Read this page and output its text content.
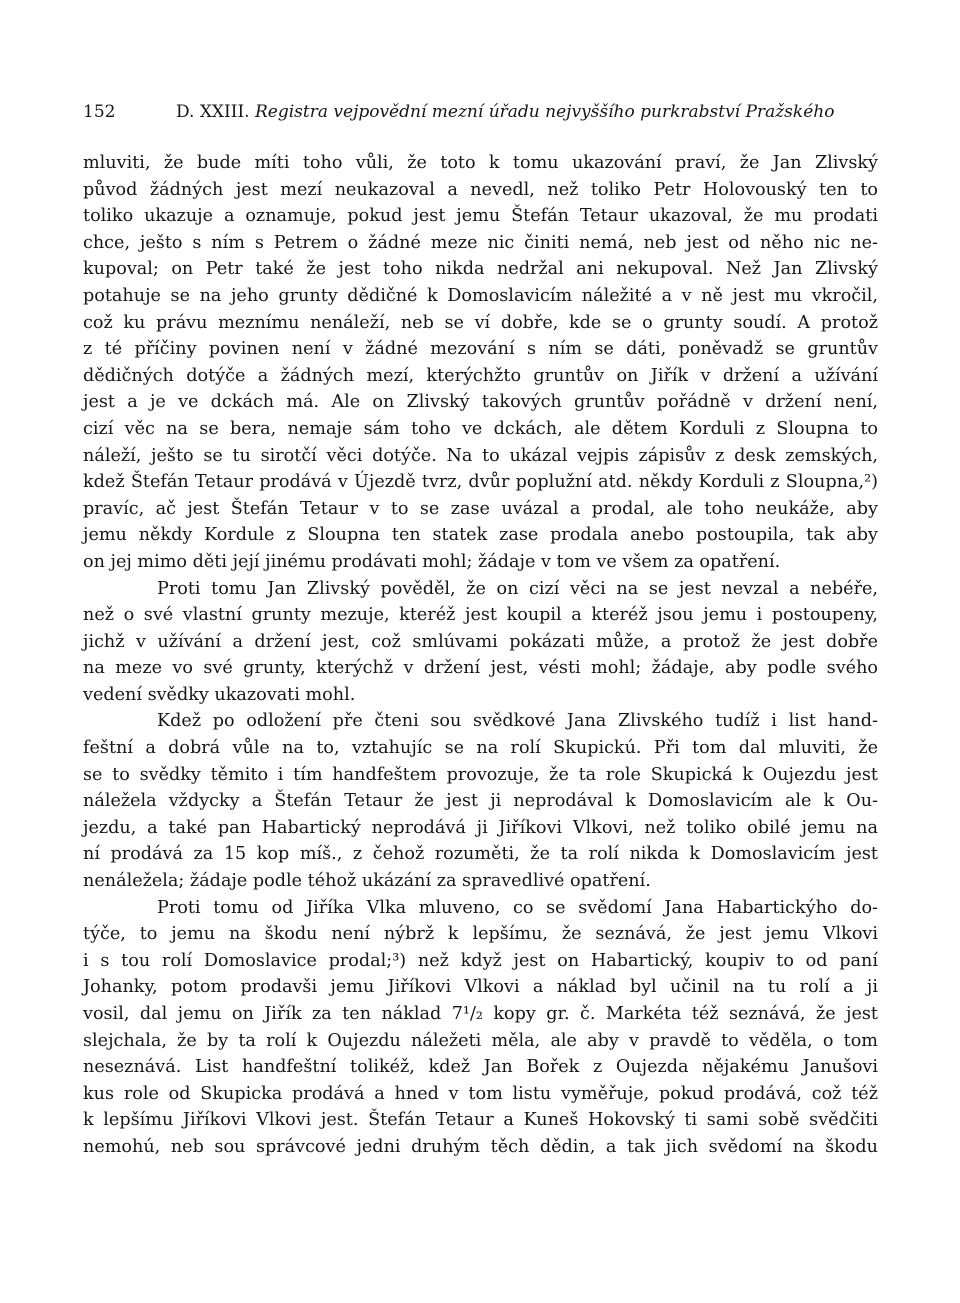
152	D. XXIII. Registra vejpovědní mezní úřadu nejvyššího purkrabství Pražského
mluviti, že bude míti toho vůli, že toto k tomu ukazování praví, že Jan Zlivský
původ žádných jest mezí neukazoval a nevedl, než toliko Petr Holovouský ten to
toliko ukazuje a oznamuje, pokud jest jemu Štefán Tetaur ukazoval, že mu prodati
chce, ješto s ním s Petrem o žádné meze nic činiti nemá, neb jest od něho nic ne-
kupoval; on Petr také že jest toho nikda nedržal ani nekupoval. Než Jan Zlivský
potahuje se na jeho grunty dědičné k Domoslavicím náležité a v ně jest mu vkročil,
což ku právu meznímu nenáleží, neb se ví dobře, kde se o grunty soudí. A protož
z té příčiny povinen není v žádné mezování s ním se dáti, poněvadž se gruntův
dědičných dotýče a žádných mezí, kterýchžto gruntův on Jiřík v držení a užívání
jest a je ve dckách má. Ale on Zlivský takových gruntův pořádně v držení není,
cizí věc na se bera, nemaje sám toho ve dckách, ale dětem Korduli z Sloupna to
náleží, ješto se tu sirotčí věci dotýče. Na to ukázal vejpis zápisův z desk zemských,
kdež Štefán Tetaur prodává v Újezdě tvrz, dvůr poplužní atd. někdy Korduli z Sloupna,²)
pravíc, ač jest Štefán Tetaur v to se zase uvázal a prodal, ale toho neukáže, aby
jemu někdy Kordule z Sloupna ten statek zase prodala anebo postoupila, tak aby
on jej mimo děti její jinému prodávati mohl; žádaje v tom ve všem za opatření.
Proti tomu Jan Zlivský pověděl, že on cizí věci na se jest nevzal a nebéře,
než o své vlastní grunty mezuje, kteréž jest koupil a kteréž jsou jemu i postoupeny,
jichž v užívání a držení jest, což smlúvami pokázati může, a protož že jest dobře
na meze vo své grunty, kterýchž v držení jest, vésti mohl; žádaje, aby podle svého
vedení svědky ukazovati mohl.
Kdež po odložení pře čteni sou svědkové Jana Zlivského tudíž i list hand-
feštní a dobrá vůle na to, vztahujíc se na rolí Skupickú. Při tom dal mluviti, že
se to svědky těmito i tím handfeštem provozuje, že ta role Skupická k Oujezdu jest
náležela vždycky a Štefán Tetaur že jest ji neprodával k Domoslavicím ale k Ou-
jezdu, a také pan Habartický neprodává ji Jiříkovi Vlkovi, než toliko obilé jemu na
ní prodává za 15 kop míš., z čehož rozuměti, že ta rolí nikda k Domoslavicím jest
nenáležela; žádaje podle téhož ukázání za spravedlivé opatření.
Proti tomu od Jiříka Vlka mluveno, co se svědomí Jana Habartickýho do-
týče, to jemu na škodu není nýbrž k lepšímu, že seznává, že jest jemu Vlkovi
i s tou rolí Domoslavice prodal;³) než když jest on Habartický, koupiv to od paní
Johanky, potom prodavši jemu Jiříkovi Vlkovi a náklad byl učinil na tu rolí a ji
vosil, dal jemu on Jiřík za ten náklad 7¹/₂ kopy gr. č. Markéta též seznává, že jest
slejchala, že by ta rolí k Oujezdu náležeti měla, ale aby v pravdě to věděla, o tom
neseznává. List handfeštní tolikéž, kdež Jan Bořek z Oujezda nějakému Janušovi
kus role od Skupicka prodává a hned v tom listu vyměřuje, pokud prodává, což též
k lepšímu Jiříkovi Vlkovi jest. Štefán Tetaur a Kuneš Hokovský ti sami sobě svědčiti
nemohú, neb sou správcové jedni druhým těch dědin, a tak jich svědomí na škodu
